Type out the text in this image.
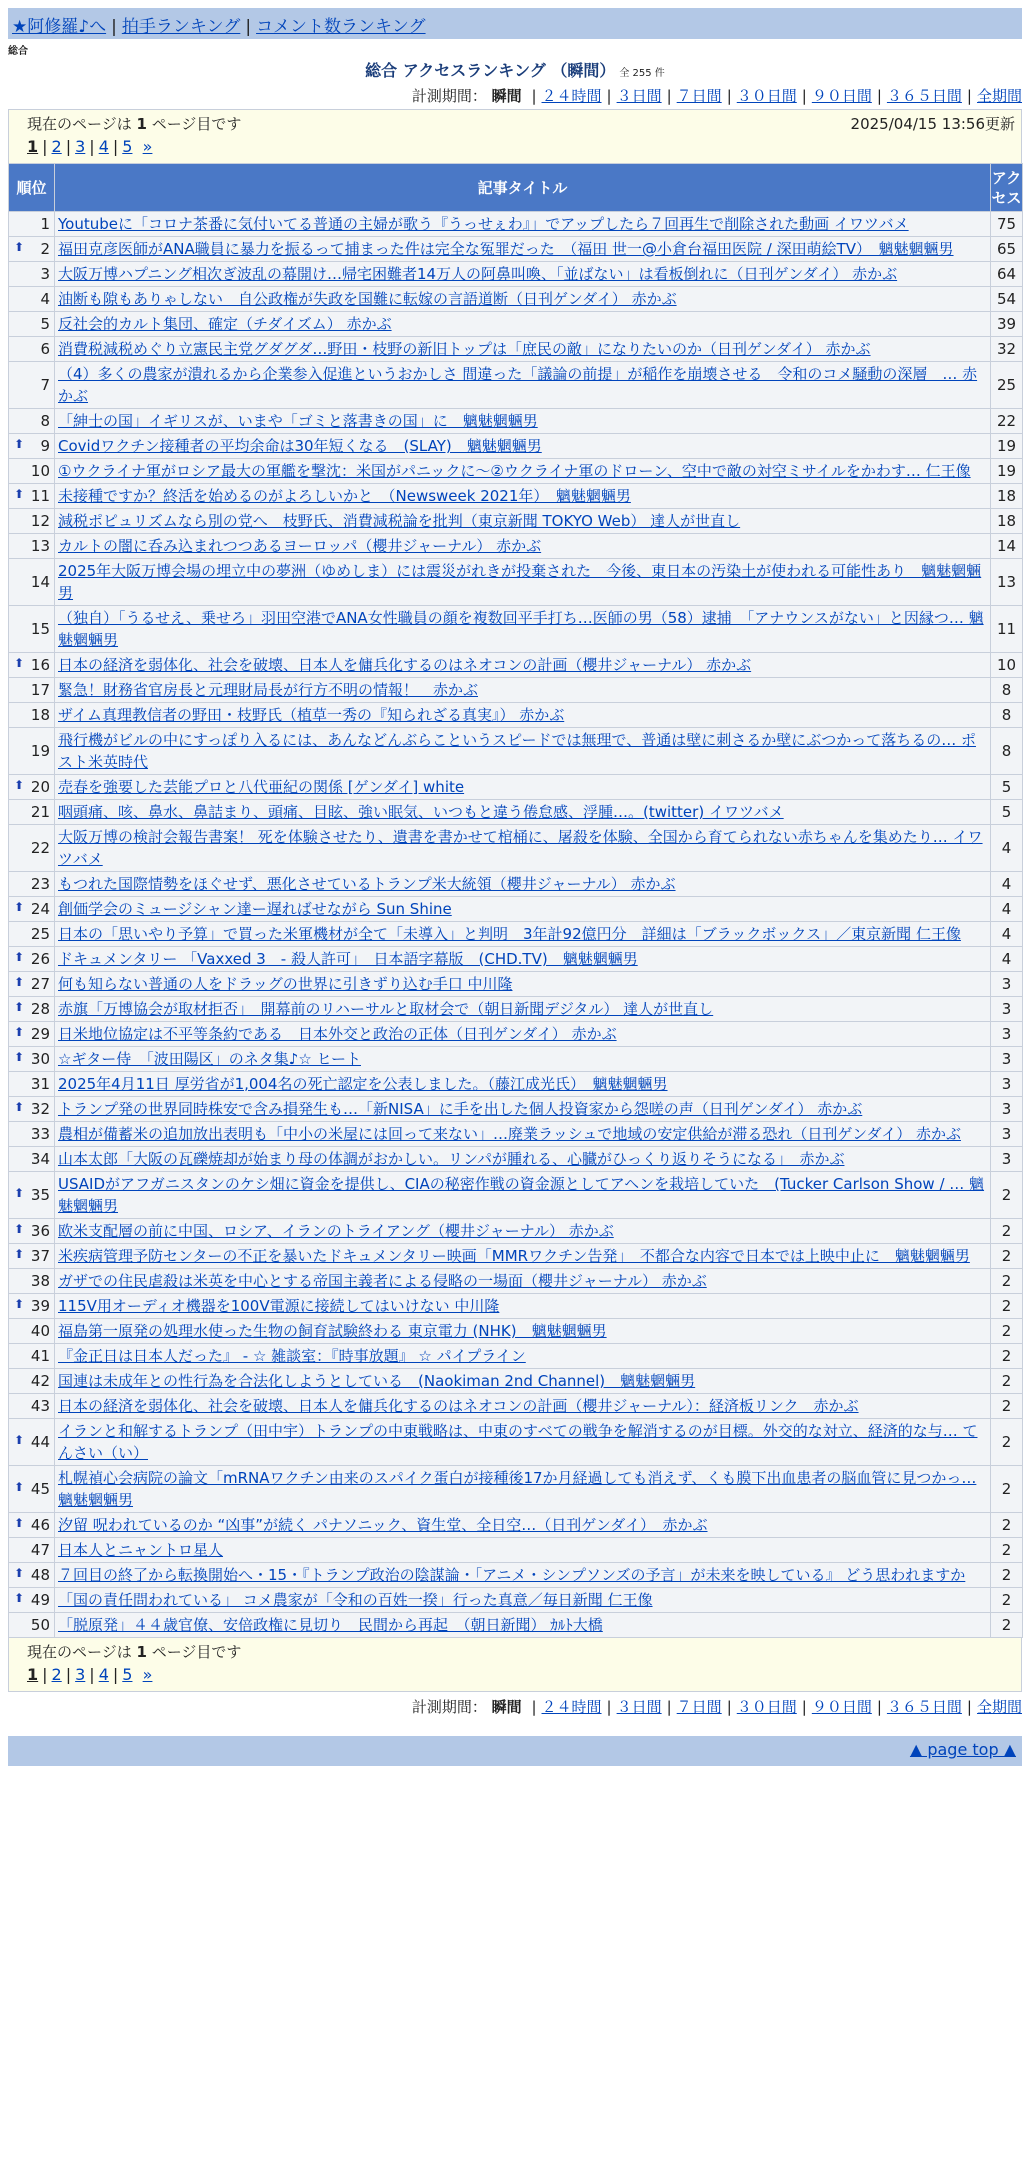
★阿修羅♪へ | 拍手ランキング | コメント数ランキング
総合
総合 アクセスランキング （瞬間） 全 255 件
計測期間： 瞬間 | ２４時間 | ３日間 | ７日間 | ３０日間 | ９０日間 | ３６５日間 | 全期間
現在のページは 1 ページ目です	2025/04/15 13:56更新
1 | 2 | 3 | 4 | 5 »
順位	記事タイトル	アクセス
1	Youtubeに「コロナ茶番に気付いてる普通の主婦が歌う『うっせぇわ』」でアップしたら７回再生で削除された動画 イワツバメ	75

⬆ 2	福田克彦医師がANA職員に暴力を振るって捕まった件は完全な冤罪だった　（福田 世一@小倉台福田医院 / 深田萌絵TV）　魑魅魍魎男	65
3	大阪万博ハプニング相次ぎ波乱の幕開け…帰宅困難者14万人の阿鼻叫喚、「並ばない」は看板倒れに（日刊ゲンダイ） 赤かぶ	64
4	油断も隙もありゃしない　自公政権が失政を国難に転嫁の言語道断（日刊ゲンダイ） 赤かぶ	54
5	反社会的カルト集団、確定（チダイズム） 赤かぶ	39
6	消費税減税めぐり立憲民主党グダグダ…野田・枝野の新旧トップは「庶民の敵」になりたいのか（日刊ゲンダイ） 赤かぶ	32
7	（4）多くの農家が潰れるから企業参入促進というおかしさ 間違った「議論の前提」が稲作を崩壊させる　令和のコメ騒動の深層　… 赤かぶ	25
8	「紳士の国」イギリスが、いまや「ゴミと落書きの国」に　魑魅魍魎男	22

⬆ 9	Covidワクチン接種者の平均余命は30年短くなる　(SLAY)　魑魅魍魎男	19
10	①ウクライナ軍がロシア最大の軍艦を撃沈：米国がパニックに～②ウクライナ軍のドローン、空中で敵の対空ミサイルをかわす… 仁王像	19

⬆ 11	未接種ですか？終活を始めるのがよろしいかと　（Newsweek 2021年）　魑魅魍魎男	18
12	減税ポピュリズムなら別の党へ　枝野氏、消費減税論を批判（東京新聞 TOKYO Web） 達人が世直し	18
13	カルトの闇に呑み込まれつつあるヨーロッパ（櫻井ジャーナル） 赤かぶ	14
14	2025年大阪万博会場の埋立中の夢洲（ゆめしま）には震災がれきが投棄された　今後、東日本の汚染土が使われる可能性あり　魑魅魍魎男	13
15	（独自）「うるせえ、乗せろ」羽田空港でANA女性職員の顔を複数回平手打ち…医師の男（58）逮捕　「アナウンスがない」と因縁つ… 魑魅魍魎男	11

⬆ 16	日本の経済を弱体化、社会を破壊、日本人を傭兵化するのはネオコンの計画（櫻井ジャーナル） 赤かぶ	10
17	緊急！財務省官房長と元理財局長が行方不明の情報！　赤かぶ	8
18	ザイム真理教信者の野田・枝野氏（植草一秀の『知られざる真実』） 赤かぶ	8
19	飛行機がビルの中にすっぽり入るには、あんなどんぶらこというスピードでは無理で、普通は壁に刺さるか壁にぶつかって落ちるの… ポスト米英時代	8

⬆ 20	売春を強要した芸能プロと八代亜紀の関係 [ゲンダイ] white	5
21	咽頭痛、咳、鼻水、鼻詰まり、頭痛、目眩、強い眠気、いつもと違う倦怠感、浮腫…。(twitter) イワツバメ	5
22	大阪万博の検討会報告書案！ 死を体験させたり、遺書を書かせて棺桶に、屠殺を体験、全国から育てられない赤ちゃんを集めたり… イワツバメ	4
23	もつれた国際情勢をほぐせず、悪化させているトランプ米大統領（櫻井ジャーナル） 赤かぶ	4

⬆ 24	創価学会のミュージシャン達ー遅ればせながら Sun Shine	4
25	日本の「思いやり予算」で買った米軍機材が全て「未導入」と判明　3年計92億円分　詳細は「ブラックボックス」／東京新聞 仁王像	4

⬆ 26	ドキュメンタリー 「Vaxxed 3　- 殺人許可」　日本語字幕版　(CHD.TV)　魑魅魍魎男	4

⬆ 27	何も知らない普通の人をドラッグの世界に引きずり込む手口 中川隆	3

⬆ 28	赤旗「万博協会が取材拒否」　開幕前のリハーサルと取材会で（朝日新聞デジタル） 達人が世直し	3

⬆ 29	日米地位協定は不平等条約である　日本外交と政治の正体（日刊ゲンダイ） 赤かぶ	3

⬆ 30	☆ギター侍　「波田陽区」のネタ集♪☆ ヒート	3
31	2025年4月11日 厚労省が1,004名の死亡認定を公表しました。（藤江成光氏）　魑魅魍魎男	3

⬆ 32	トランプ発の世界同時株安で含み損発生も…「新NISA」に手を出した個人投資家から怨嗟の声（日刊ゲンダイ） 赤かぶ	3
33	農相が備蓄米の追加放出表明も「中小の米屋には回って来ない」…廃業ラッシュで地域の安定供給が滞る恐れ（日刊ゲンダイ） 赤かぶ	3
34	山本太郎「大阪の瓦礫焼却が始まり母の体調がおかしい。リンパが腫れる、心臓がひっくり返りそうになる」　赤かぶ	3

⬆ 35	USAIDがアフガニスタンのケシ畑に資金を提供し、CIAの秘密作戦の資金源としてアヘンを栽培していた　(Tucker Carlson Show / … 魑魅魍魎男	2

⬆ 36	欧米支配層の前に中国、ロシア、イランのトライアング（櫻井ジャーナル） 赤かぶ	2

⬆ 37	米疾病管理予防センターの不正を暴いたドキュメンタリー映画「MMRワクチン告発」　不都合な内容で日本では上映中止に　魑魅魍魎男	2
38	ガザでの住民虐殺は米英を中心とする帝国主義者による侵略の一場面（櫻井ジャーナル） 赤かぶ	2

⬆ 39	115V用オーディオ機器を100V電源に接続してはいけない 中川隆	2
40	福島第一原発の処理水使った生物の飼育試験終わる 東京電力 (NHK)　魑魅魍魎男	2
41	『金正日は日本人だった』 - ☆ 雑談室：『時事放題』 ☆ パイプライン	2
42	国連は未成年との性行為を合法化しようとしている　(Naokiman 2nd Channel)　魑魅魍魎男	2
43	日本の経済を弱体化、社会を破壊、日本人を傭兵化するのはネオコンの計画（櫻井ジャーナル）：経済板リンク　赤かぶ	2

⬆ 44	イランと和解するトランプ（田中宇）トランプの中東戦略は、中東のすべての戦争を解消するのが目標。外交的な対立、経済的な与… てんさい（い）	2

⬆ 45	札幌禎心会病院の論文「mRNAワクチン由来のスパイク蛋白が接種後17か月経過しても消えず、くも膜下出血患者の脳血管に見つかっ… 魑魅魍魎男	2

⬆ 46	汐留 呪われているのか “凶事”が続く パナソニック、資生堂、全日空…（日刊ゲンダイ）　赤かぶ	2
47	日本人とニャントロ星人	2

⬆ 48	７回目の終了から転換開始へ・15・『トランプ政治の陰謀論・「アニメ・シンプソンズの予言」が未来を映している』 どう思われますか	2

⬆ 49	「国の責任問われている」 コメ農家が「令和の百姓一揆」行った真意／毎日新聞 仁王像	2
50	「脱原発」４４歳官僚、安倍政権に見切り　民間から再起　（朝日新聞） ｶﾙﾄ大橋	2
現在のページは 1 ページ目です
1 | 2 | 3 | 4 | 5 »
計測期間： 瞬間 | ２４時間 | ３日間 | ７日間 | ３０日間 | ９０日間 | ３６５日間 | 全期間
▲ page top ▲
